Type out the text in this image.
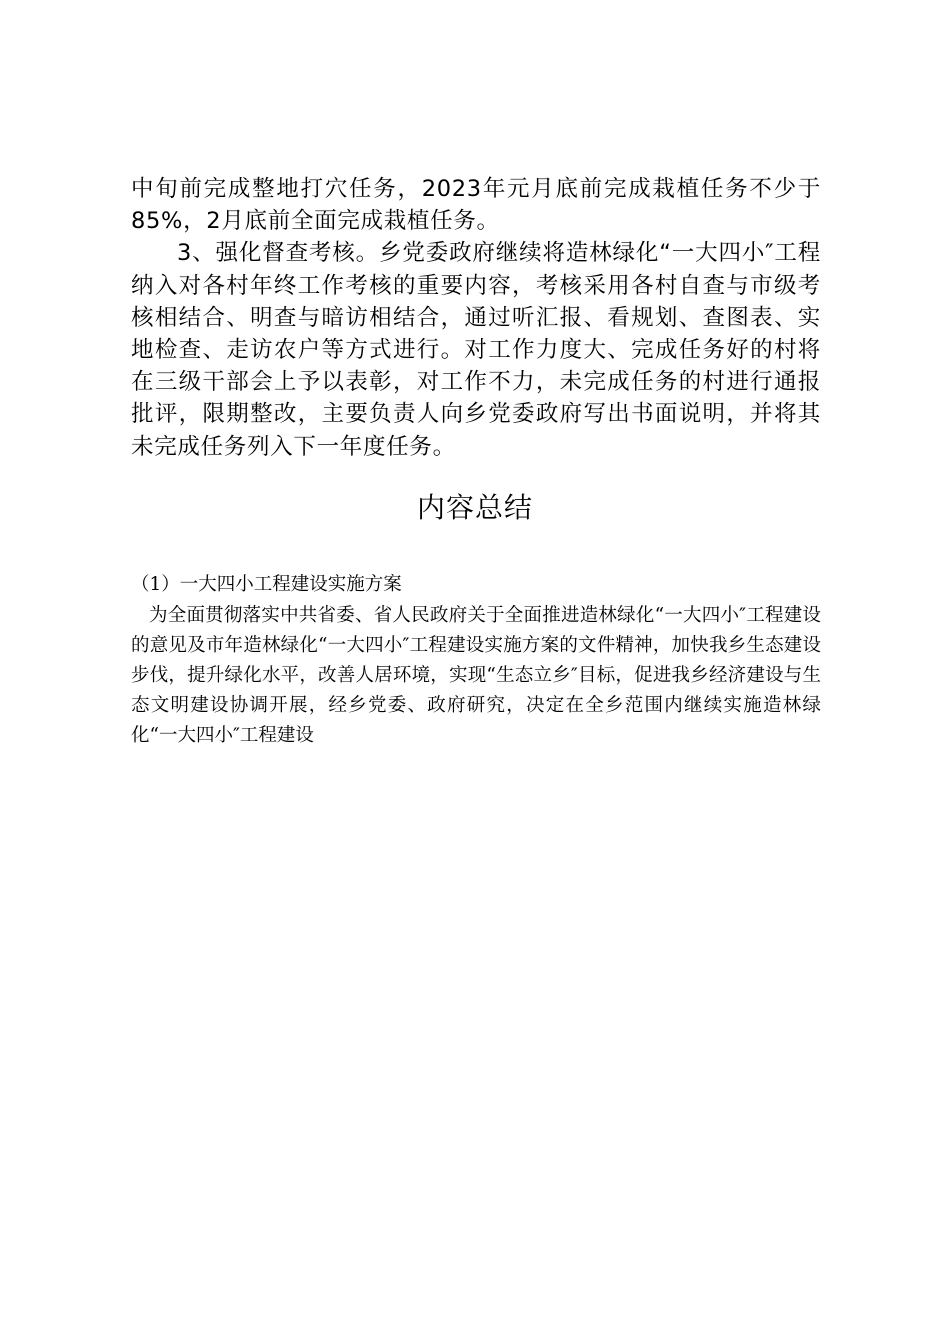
中旬前完成整地打穴任务，2023年元月底前完成栽植任务不少于85%，2月底前全面完成栽植任务。

3、强化督查考核。乡党委政府继续将造林绿化“一大四小″工程纳入对各村年终工作考核的重要内容，考核采用各村自查与市级考核相结合、明查与暗访相结合，通过听汇报、看规划、查图表、实地检查、走访农户等方式进行。对工作力度大、完成任务好的村将在三级干部会上予以表彰，对工作不力，未完成任务的村进行通报批评，限期整改，主要负责人向乡党委政府写出书面说明，并将其未完成任务列入下一年度任务。

内容总结

（1）一大四小工程建设实施方案

为全面贯彻落实中共省委、省人民政府关于全面推进造林绿化“一大四小″工程建设的意见及市年造林绿化“一大四小″工程建设实施方案的文件精神，加快我乡生态建设步伐，提升绿化水平，改善人居环境，实现“生态立乡″目标，促进我乡经济建设与生态文明建设协调开展，经乡党委、政府研究，决定在全乡范围内继续实施造林绿化“一大四小″工程建设
